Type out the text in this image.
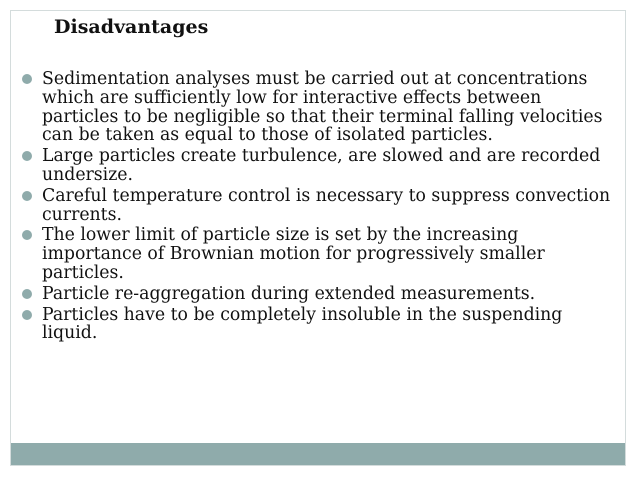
Disadvantages
Sedimentation analyses must be carried out at concentrations which are sufficiently low for interactive effects between particles to be negligible so that their terminal falling velocities can be taken as equal to those of isolated particles.
Large particles create turbulence, are slowed and are recorded undersize.
Careful temperature control is necessary to suppress convection currents.
The lower limit of particle size is set by the increasing importance of Brownian motion for progressively smaller particles.
Particle re-aggregation during extended measurements.
Particles have to be completely insoluble in the suspending liquid.
